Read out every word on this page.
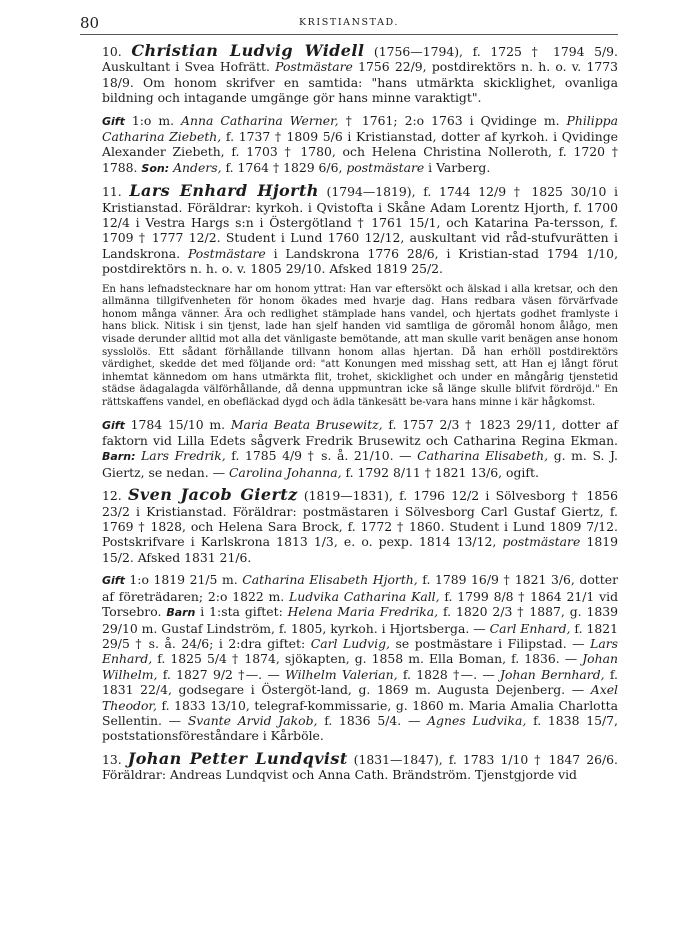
80	KRISTIANSTAD.

10. Christian Ludvig Widell (1756—1794), f. 1725 † 1794 5/9. Auskultant i Svea Hofrätt. Postmästare 1756 22/9, postdirektörs n. h. o. v. 1773 18/9. Om honom skrifver en samtida: "hans utmärkta skicklighet, ovanliga bildning och intagande umgänge gör hans minne varaktigt".

Gift 1:o m. Anna Catharina Werner, † 1761; 2:o 1763 i Qvidinge m. Philippa Catharina Ziebeth, f. 1737 † 1809 5/6 i Kristianstad, dotter af kyrkoh. i Qvidinge Alexander Ziebeth, f. 1703 † 1780, och Helena Christina Nolleroth, f. 1720 † 1788. Son: Anders, f. 1764 † 1829 6/6, postmästare i Varberg.

11. Lars Enhard Hjorth (1794—1819), f. 1744 12/9 † 1825 30/10 i Kristianstad. Föräldrar: kyrkoh. i Qvistofta i Skåne Adam Lorentz Hjorth, f. 1700 12/4 i Vestra Hargs s:n i Östergötland † 1761 15/1, och Katarina Pa-tersson, f. 1709 † 1777 12/2. Student i Lund 1760 12/12, auskultant vid råd-stufvurätten i Landskrona. Postmästare i Landskrona 1776 28/6, i Kristian-stad 1794 1/10, postdirektörs n. h. o. v. 1805 29/10. Afsked 1819 25/2.

En hans lefnadstecknare har om honom yttrat: Han var eftersökt och älskad i alla kretsar, och den allmänna tillgifvenheten för honom ökades med hvarje dag. Hans redbara väsen förvärfvade honom många vänner. Ära och redlighet stämplade hans vandel, och hjertats godhet framlyste i hans blick. Nitisk i sin tjenst, lade han sjelf handen vid samtliga de göromål honom ålågo, men visade derunder alltid mot alla det vänligaste bemötande, att man skulle varit benägen anse honom sysslolös. Ett sådant förhållande tillvann honom allas hjertan. Då han erhöll postdirektörs värdighet, skedde det med följande ord: "att Konungen med misshag sett, att Han ej långt förut inhemtat kännedom om hans utmärkta flit, trohet, skicklighet och under en mångårig tjenstetid städse ädagalagda välförhållande, då denna uppmuntran icke så länge skulle blifvit fördröjd." En rättskaffens vandel, en obefläckad dygd och ädla tänkesätt be-vara hans minne i kär hågkomst.

Gift 1784 15/10 m. Maria Beata Brusewitz, f. 1757 2/3 † 1823 29/11, dotter af faktorn vid Lilla Edets sågverk Fredrik Brusewitz och Catharina Regina Ekman. Barn: Lars Fredrik, f. 1785 4/9 † s. å. 21/10. — Catharina Elisabeth, g. m. S. J. Giertz, se nedan. — Carolina Johanna, f. 1792 8/11 † 1821 13/6, ogift.

12. Sven Jacob Giertz (1819—1831), f. 1796 12/2 i Sölvesborg † 1856 23/2 i Kristianstad. Föräldrar: postmästaren i Sölvesborg Carl Gustaf Giertz, f. 1769 † 1828, och Helena Sara Brock, f. 1772 † 1860. Student i Lund 1809 7/12. Postskrifvare i Karlskrona 1813 1/3, e. o. pexp. 1814 13/12, postmästare 1819 15/2. Afsked 1831 21/6.

Gift 1:o 1819 21/5 m. Catharina Elisabeth Hjorth, f. 1789 16/9 † 1821 3/6, dotter af företrädaren; 2:o 1822 m. Ludvika Catharina Kall, f. 1799 8/8 † 1864 21/1 vid Torsebro. Barn i 1:sta giftet: Helena Maria Fredrika, f. 1820 2/3 † 1887, g. 1839 29/10 m. Gustaf Lindström, f. 1805, kyrkoh. i Hjortsberga. — Carl Enhard, f. 1821 29/5 † s. å. 24/6; i 2:dra giftet: Carl Ludvig, se postmästare i Filipstad. — Lars Enhard, f. 1825 5/4 † 1874, sjökapten, g. 1858 m. Ella Boman, f. 1836. — Johan Wilhelm, f. 1827 9/2 †—. — Wilhelm Valerian, f. 1828 †—. — Johan Bernhard, f. 1831 22/4, godsegare i Östergöt-land, g. 1869 m. Augusta Dejenberg. — Axel Theodor, f. 1833 13/10, telegraf-kommissarie, g. 1860 m. Maria Amalia Charlotta Sellentin. — Svante Arvid Jakob, f. 1836 5/4. — Agnes Ludvika, f. 1838 15/7, poststationsföreståndare i Kårböle.

13. Johan Petter Lundqvist (1831—1847), f. 1783 1/10 † 1847 26/6. Föräldrar: Andreas Lundqvist och Anna Cath. Brändström. Tjenstgjorde vid
